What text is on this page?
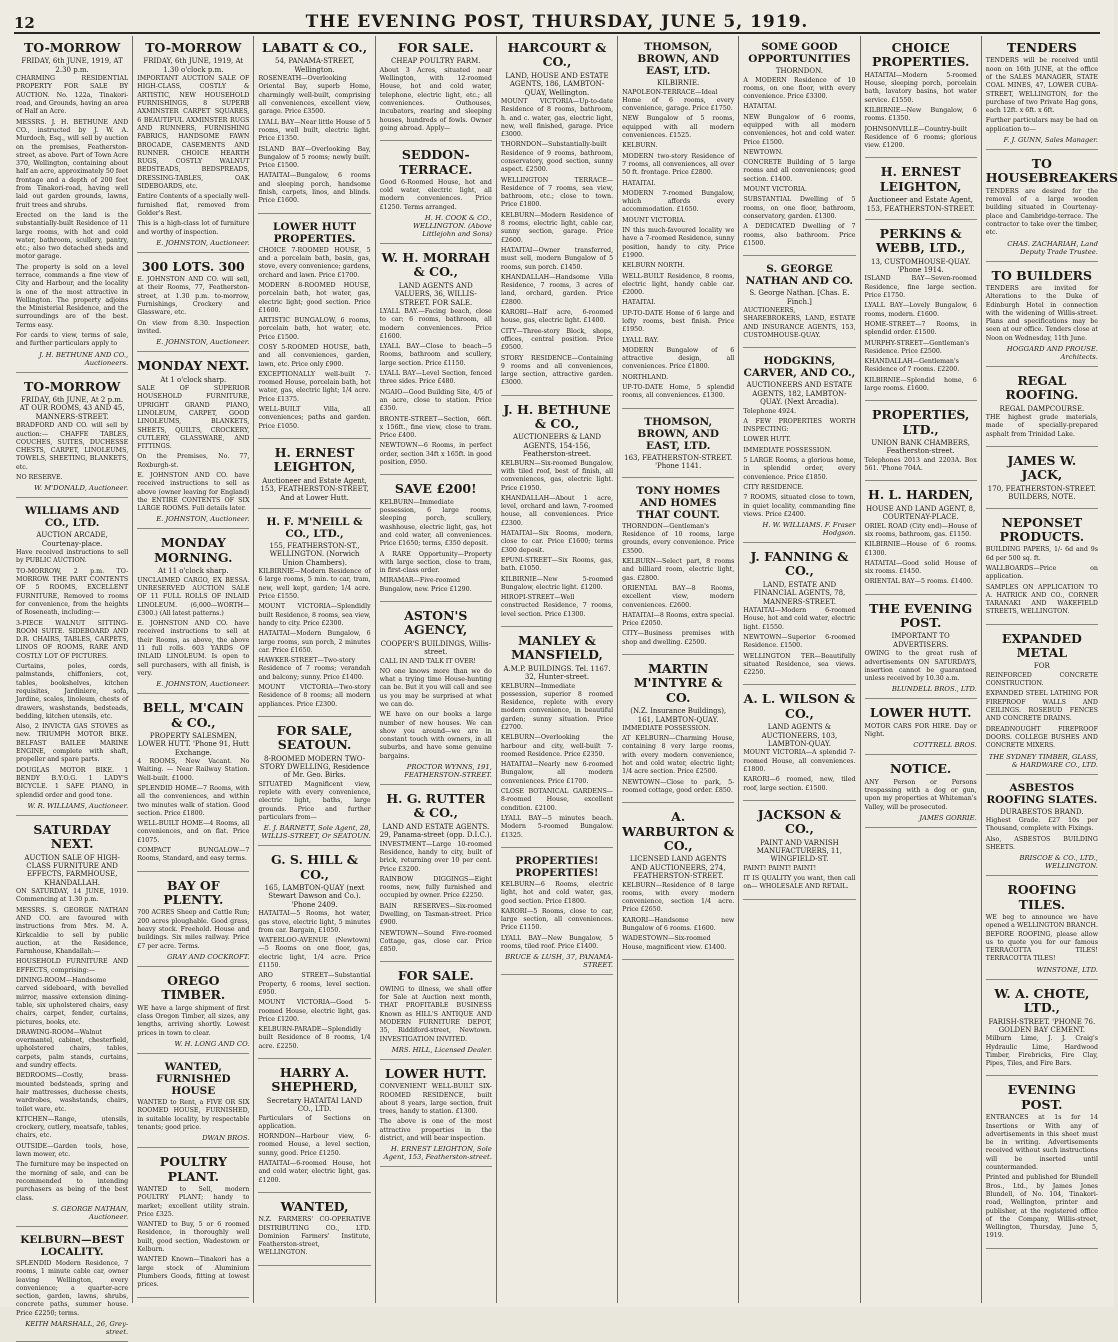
12	THE EVENING POST, THURSDAY, JUNE 5, 1919.
TO-MORROW
FRIDAY, 6th JUNE, 1919, AT 2.30 p.m.

CHARMING RESIDENTIAL PROPERTY FOR SALE BY AUCTION. No. 122a, Tinakori-road, and Grounds, having an area of Half an Acre.

MESSRS. J. H. BETHUNE AND CO., instructed by J. W. A. Murdoch, Esq., will sell by auction on the premises, Featherston-street, as above. Part of Town Acre 370, Wellington, containing about half an acre, approximately 50 feet frontage and a depth of 200 feet from Tinakori-road, having well laid out garden grounds, lawns, fruit trees and shrubs.

Erected on the land is the substantially-built Residence of 11 large rooms, with hot and cold water, bathroom, scullery, pantry, etc.; also two detached sheds and motor garage.

The property is sold on a level terrace, commands a fine view of City and Harbour, and the locality is one of the most attractive in Wellington. The property adjoins the Ministerial Residence, and the surroundings are of the best. Terms easy.

For cards to view, terms of sale, and further particulars apply to

J. H. BETHUNE AND CO., Auctioneers.
TO-MORROW
FRIDAY, 6th JUNE, At 2 p.m. AT OUR ROOMS, 43 AND 45, MANNERS-STREET.

BRADFORD AND CO. will sell by auction:— CHAFFE TABLES, COUCHES, SUITES, DUCHESSE CHESTS, CARPET, LINOLEUMS, TOWELS, SHEETING, BLANKETS, etc.

NO RESERVE.

W. M'DONALD, Auctioneer.
WILLIAMS AND CO., LTD.
AUCTION ARCADE, Courtenay-place.

Have received instructions to sell by PUBLIC AUCTION.

TO-MORROW, 2 p.m. TO-MORROW. THE PART CONTENTS OF 5 ROOMS, EXCELLENT FURNITURE, Removed to rooms for convenience, from the heights of Roseneath, including:—

3-PIECE WALNUT SITTING-ROOM SUITE. SIDEBOARD AND D.R. CHAIRS, TABLES, CARPETS, LINOS OF ROOMS, RARE AND COSTLY LOT OF PICTURES.

Curtains, poles, cords, palmstands, chiffoniers, cot, tables, bookshelves, kitchen requisites, Jardiniere, sofa, Jardine, scales, linoleum, chests of drawers, washstands, bedsteads, bedding, kitchen utensils, etc.

Also, 2 INVICTA GAS STOVES as new. TRIUMPH MOTOR BIKE. BELFAST BAILEE MARINE ENGINE, complete with shaft, propeller and spare parts.

DOUGLAS MOTOR BIKE. 1 BENDY B.Y.O.G. 1 LADY'S BICYCLE. 1 SAFE PIANO, in splendid order and good tone.

W. R. WILLIAMS, Auctioneer.
SATURDAY NEXT.
AUCTION SALE OF HIGH-CLASS FURNITURE AND EFFECTS, FARMHOUSE, KHANDALLAH.

ON SATURDAY, 14 JUNE, 1919. Commencing at 1.30 p.m.

MESSRS. S. GEORGE NATHAN AND CO. are favoured with instructions from Mrs. M. A. Kirkcaldie to sell by public auction, at the Residence, Farmhouse, Khandallah:—

HOUSEHOLD FURNITURE AND EFFECTS, comprising:—

DINING-ROOM—Handsome carved sideboard, with bevelled mirror, massive extension dining-table, six upholstered chairs, easy chairs, carpet, fender, curtains, pictures, books, etc.

DRAWING-ROOM—Walnut overmantel, cabinet, chesterfield, upholstered chairs, tables, carpets, palm stands, curtains, and sundry effects.

BEDROOMS—Costly, brass-mounted bedsteads, spring and hair mattresses, duchesse chests, wardrobes, washstands, chairs, toilet ware, etc.

KITCHEN—Range, utensils, crockery, cutlery, meatsafe, tables, chairs, etc.

OUTSIDE—Garden tools, hose, lawn mower, etc.

The furniture may be inspected on the morning of sale, and can be recommended to intending purchasers as being of the best class.

S. GEORGE NATHAN, Auctioneer.
KELBURN—BEST LOCALITY.

SPLENDID Modern Residence, 7 rooms, 1 minute cable car, owner leaving Wellington, every convenience; a quarter-acre section, garden, lawns, shrubs, concrete paths, summer house. Price £2250; terms.

KEITH MARSHALL, 26, Grey-street.
TO-MORROW
FRIDAY, 6th JUNE, 1919, At 1.30 o'clock p.m.

IMPORTANT AUCTION SALE OF HIGH-CLASS, COSTLY & ARTISTIC, NEW HOUSEHOLD FURNISHINGS, 8 SUPERB AXMINSTER CARPET SQUARES, 6 BEAUTIFUL AXMINSTER RUGS AND RUNNERS, FURNISHING FABRICS, HANDSOME FAWN BROCADE, CASEMENTS AND RUNNER. CHOICE HEARTH RUGS, COSTLY WALNUT BEDSTEADS, BEDSPREADS, DRESSING-TABLES, OAK SIDEBOARDS, etc.

Entire Contents of a specially well-furnished flat, removed from Golder's Rest.

This is a high-class lot of furniture and worthy of inspection.

E. JOHNSTON, Auctioneer.
300 LOTS. 300

E. JOHNSTON AND CO. will sell, at their Rooms, 77, Featherston-street, at 1.30 p.m. to-morrow, Furnishings, Crockery and Glassware, etc.

On view from 8.30. Inspection invited.

E. JOHNSTON, Auctioneer.
MONDAY NEXT.
At 1 o'clock sharp.

SALE OF SUPERIOR HOUSEHOLD FURNITURE, UPRIGHT GRAND PIANO, LINOLEUM, CARPET, GOOD LINOLEUMS, BLANKETS, SHEETS, QUILTS, CROCKERY, CUTLERY, GLASSWARE, AND FITTINGS.

On the Premises, No. 77, Roxburgh-st.

E. JOHNSTON AND CO. have received instructions to sell as above (owner leaving for England) the ENTIRE CONTENTS OF SIX LARGE ROOMS. Full details later.

E. JOHNSTON, Auctioneer.
MONDAY MORNING.
At 11 o'clock sharp.

UNCLAIMED CARGO, EX BESSA. UNRESERVED AUCTION SALE OF 11 FULL ROLLS OF INLAID LINOLEUM. (6,000—WORTH—£300.) (All latest patterns.)

E. JOHNSTON AND CO. have received instructions to sell at their Rooms, as above, the above 11 full rolls. 603 YARDS OF INLAID LINOLEUM. Is open to sell purchasers, with all finish, is very.

E. JOHNSTON, Auctioneer.
BELL, M'CAIN & CO.,
PROPERTY SALESMEN, LOWER HUTT. 'Phone 91, Hutt Exchange.

4 ROOMS, New Vacant. No Waiting. — Near Railway Station. Well-built. £1000.

SPLENDID HOME—7 Rooms, with all the conveniences, and within two minutes walk of station. Good section. Price £1800.

WELL-BUILT HOME—4 Rooms, all conveniences, and on flat. Price £1075.

COMPACT BUNGALOW—7 Rooms, Standard, and easy terms.

BAY OF PLENTY.

700 ACRES Sheep and Cattle Run; 200 acres ploughable. Good grass, heavy stock. Freehold. House and buildings. Six miles railway. Price £7 per acre. Terms.

GRAY AND COCKROFT.
OREGO TIMBER.

WE have a large shipment of first class Oregon Timber, all sizes, any lengths, arriving shortly. Lowest prices in town to clear.

W. H. LONG AND CO.
WANTED, FURNISHED HOUSE

WANTED to Rent, a FIVE OR SIX ROOMED HOUSE, FURNISHED, in suitable locality, by respectable tenants; good price.

DWAN BROS.
POULTRY PLANT.

WANTED to Sell, modern POULTRY PLANT; handy to market; excellent utility strain. Price £325.

WANTED to Buy, 5 or 6 roomed Residence, in thoroughly well built, good section, Wadestown or Kelburn.

WANTED Known—Tinakori has a large stock of Aluminium Plumbers Goods, fitting at lowest prices.

LABATT & CO.,
54, PANAMA-STREET, Wellington.

ROSENEATH—Overlooking Oriental Bay, superb Home, charmingly well-built, comprising all conveniences, excellent view, garage. Price £3500.

LYALL BAY—Near little House of 5 rooms, well built, electric light. Price £1350.

ISLAND BAY—Overlooking Bay, Bungalow of 5 rooms; newly built. Price £1500.

HATAITAI—Bungalow, 6 rooms and sleeping porch, handsome finish, carpets, linos, and blinds. Price £1600.

LOWER HUTT PROPERTIES.

CHOICE 7-ROOMED HOUSE, 5 and a porcelain bath, basin, gas, stove, every convenience; gardens, orchard and lawn. Price £1700.

MODERN 8-ROOMED HOUSE, porcelain bath, hot water, gas, electric light; good section. Price £1600.

ARTISTIC BUNGALOW, 6 rooms, porcelain bath, hot water, etc. Price £1500.

COSY 5-ROOMED HOUSE, bath, and all conveniences, garden, lawn, etc. Price only £900.

EXCEPTIONALLY well-built 7-roomed House, porcelain bath, hot water, gas, electric light; 1/4 acre. Price £1375.

WELL-BUILT Villa, all conveniences; paths and garden. Price £1050.

H. ERNEST LEIGHTON,
Auctioneer and Estate Agent, 153, FEATHERSTON-STREET, And at Lower Hutt.
H. F. M'NEILL & CO., LTD.,
155, FEATHERSTON-ST., WELLINGTON. (Norwich Union Chambers).

KILBIRNIE—Modern Residence of 6 large rooms, 5 min. to car, tram, new, well kept, garden; 1/4 acre. Price £1550.

MOUNT VICTORIA—Splendidly built Residence, 8 rooms, sea view, handy to city. Price £2300.

HATAITAI—Modern Bungalow, 6 large rooms, sun porch, 2 minutes car. Price £1650.

HAWKER-STREET—Two-story Residence of 7 rooms; verandah and balcony; sunny. Price £1400.

MOUNT VICTORIA—Two-story Residence of 8 rooms; all modern appliances. Price £2300.

FOR SALE, SEATOUN.
8-ROOMED MODERN TWO-STORY DWELLING, Residence of Mr. Geo. Birks.

SITUATED Magnificent view, replete with every convenience, electric light, baths, large grounds. Price and further particulars from—

E. J. BARNETT, Sole Agent, 28, WILLIS-STREET, Or SEATOUN.
G. S. HILL & CO.,
165, LAMBTON-QUAY (next Stewart Dawson and Co.). 'Phone 2409.

HATAITAI—5 Rooms, hot water, gas stove, electric light, 5 minutes from car. Bargain, £1050.

WATERLOO-AVENUE (Newtown)—5 Rooms on one floor, gas, electric light, 1/4 acre. Price £1150.

ARO STREET—Substantial Property, 6 rooms, level section. £950.

MOUNT VICTORIA—Good 5-roomed House, electric light, gas. Price £1200.

KELBURN-PARADE—Splendidly built Residence of 8 rooms, 1/4 acre. £2250.

HARRY A. SHEPHERD,
Secretary HATAITAI LAND CO., LTD.

Particulars of Sections on application.

HORNDON—Harbour view, 6-roomed House, a level section, sunny, good. Price £1250.

HATAITAI—6-roomed House, hot and cold water, electric light, gas. £1200.

WANTED,

N.Z. FARMERS' CO-OPERATIVE DISTRIBUTING CO., LTD. Dominion Farmers' Institute, Featherston-street, WELLINGTON.

FOR SALE.
CHEAP POULTRY FARM.

About 3 Acres, situated near Wellington, with 12-roomed House, hot and cold water, telephone, electric light, etc.; all conveniences. Outhouses, incubators, rearing and sleeping houses, hundreds of fowls. Owner going abroad. Apply—

SEDDON-TERRACE.

Good 6-Roomed House, hot and cold water, electric light, all modern conveniences. Price £1250. Terms arranged.

H. H. COOK & CO., WELLINGTON. (Above Littlejohn and Sons)
W. H. MORRAH & CO.,
LAND AGENTS AND VALUERS, 36, WILLIS-STREET. FOR SALE.

LYALL BAY.—Facing beach, close to car; 6 rooms, bathroom, all modern conveniences. Price £1600.

LYALL BAY—Close to beach—5 Rooms, bathroom and scullery, large section. Price £1150.

LYALL BAY—Level Section, fenced three sides. Price £480.

NGAIO—Good Building Site, 4/5 of an acre, close to station. Price £350.

BRONTE-STREET—Section, 66ft. x 156ft., fine view, close to tram. Price £400.

NEWTOWN—6 Rooms, in perfect order, section 34ft x 165ft. in good position, £950.

SAVE £200!

KELBURN—Immediate possession, 6 large rooms, sleeping porch, scullery, washhouse, electric light, gas, hot and cold water, all conveniences. Price £1650; terms, £350 deposit.

A RARE Opportunity—Property with large section, close to tram, in first-class order.

MIRAMAR—Five-roomed Bungalow, new. Price £1290.

ASTON'S AGENCY,
COOPER'S BUILDINGS, Willis-street.

CALL IN AND TALK IT OVER!

NO one knows more than we do what a trying time House-hunting can be. But it you will call and see us you may be surprised at what we can do.

WE have on our books a large number of new houses. We can show you around—we are in constant touch with owners, in all suburbs, and have some genuine bargains.

PROCTOR WYNNS, 191, FEATHERSTON-STREET.
H. G. RUTTER & CO.,
LAND AND ESTATE AGENTS. 29, Panama-street (opp. D.I.C.).

INVESTMENT—Large 10-roomed Residence, handy to city, built of brick, returning over 10 per cent. Price £3200.

RAINBOW DIGGINGS—Eight rooms, new, fully furnished and occupied by owner. Price £2250.

BAIN RESERVES—Six-roomed Dwelling, on Tasman-street. Price £900.

NEWTOWN—Sound Five-roomed Cottage, gas, close car. Price £850.

FOR SALE.

OWING to illness, we shall offer for Sale at Auction next month, THAT PROFITABLE BUSINESS Known as HILL'S ANTIQUE AND MODERN FURNITURE DEPOT, 35, Riddiford-street, Newtown. INVESTIGATION INVITED.

MRS. HILL, Licensed Dealer.
LOWER HUTT.

CONVENIENT WELL-BUILT SIX-ROOMED RESIDENCE, built about 8 years, large section, fruit trees, handy to station. £1300.

The above is one of the most attractive properties in the district, and will bear inspection.

H. ERNEST LEIGHTON, Sole Agent, 153, Featherston-street.
HARCOURT & CO.,
LAND, HOUSE AND ESTATE AGENTS, 186, LAMBTON-QUAY, Wellington.

MOUNT VICTORIA—Up-to-date Residence of 8 rooms, bathroom, h. and c. water, gas, electric light, new, well finished, garage. Price £3000.

THORNDON—Substantially-built Residence of 9 rooms, bathroom, conservatory, good section, sunny aspect. £2500.

WELLINGTON TERRACE—Residence of 7 rooms, sea view, bathroom, etc.; close to town. Price £1800.

KELBURN—Modern Residence of 8 rooms, electric light, cable car, sunny section, garage. Price £2600.

HATAITAI—Owner transferred, must sell, modern Bungalow of 5 rooms, sun porch. £1450.

KHANDALLAH—Handsome Villa Residence, 7 rooms, 3 acres of land, orchard, garden. Price £2800.

KARORI—Half acre, 6-roomed house, gas, electric light. £1400.

CITY—Three-story Block, shops, offices, central position. Price £9500.

STORY RESIDENCE—Containing 9 rooms and all conveniences, large section, attractive garden. £3000.

J. H. BETHUNE & CO.,
AUCTIONEERS & LAND AGENTS, 154-156, Featherston-street.

KELBURN—Six-roomed Bungalow, with tiled roof, best of finish, all conveniences, gas, electric light. Price £1950.

KHANDALLAH—About 1 acre, level, orchard and lawn, 7-roomed house, all conveniences. Price £2300.

HATAITAI—Six Rooms, modern, close to car. Price £1600; terms £300 deposit.

EPUNI-STREET—Six Rooms, gas, bath. £1050.

KILBIRNIE—New 5-roomed Bungalow, electric light. £1200.

HIROPI-STREET—Well constructed Residence, 7 rooms, level section. Price £1300.

MANLEY & MANSFIELD,
A.M.P. BUILDINGS. Tel. 1167. 32, Hunter-street.

KELBURN—Immediate possession, superior 8 roomed Residence, replete with every modern convenience, in beautiful garden; sunny situation. Price £2700.

KELBURN—Overlooking the harbour and city, well-built 7-roomed Residence. Price £2350.

HATAITAI—Nearly new 6-roomed Bungalow, all modern conveniences. Price £1700.

CLOSE BOTANICAL GARDENS—8-roomed House, excellent condition. £2100.

LYALL BAY—5 minutes beach. Modern 5-roomed Bungalow. £1325.

PROPERTIES! PROPERTIES!

KELBURN—6 Rooms, electric light, hot and cold water, gas, good section. Price £1800.

KARORI—5 Rooms, close to car, large section, all conveniences. Price £1150.

LYALL BAY—New Bungalow, 5 rooms, tiled roof. Price £1400.

BRUCE & LUSH, 37, PANAMA-STREET.
THOMSON, BROWN, AND EAST, LTD.
KILBIRNIE.

NAPOLEON-TERRACE—Ideal Home of 6 rooms, every convenience, garage. Price £1750.

NEW Bungalow of 5 rooms, equipped with all modern conveniences. £1525.

KELBURN.

MODERN two-story Residence of 7 rooms, all conveniences, all over 50 ft. frontage. Price £2800.

HATAITAI.

MODERN 7-roomed Bungalow, which affords every accommodation. £1650.

MOUNT VICTORIA.

IN this much-favoured locality we have a 7-roomed Residence, sunny position, handy to city. Price £1900.

KELBURN NORTH.

WELL-BUILT Residence, 8 rooms, electric light, handy cable car. £2000.

HATAITAI.

UP-TO-DATE Home of 6 large and lofty rooms, best finish. Price £1950.

LYALL BAY.

MODERN Bungalow of 6 attractive design, all conveniences. Price £1800.

NORTHLAND.

UP-TO-DATE Home, 5 splendid rooms, all conveniences. £1300.

THOMSON, BROWN, AND EAST, LTD.
163, FEATHERSTON-STREET. 'Phone 1141.
TONY HOMES AND HOMES THAT COUNT.

THORNDON—Gentleman's Residence of 10 rooms, large grounds, every convenience. Price £3500.

KELBURN—Select part, 8 rooms and billiard room, electric light, gas. £2800.

ORIENTAL BAY—8 Rooms, excellent view, modern conveniences. £2600.

HATAITAI—8 Rooms, extra special. Price £2050.

CITY—Business premises with shop and dwelling. £2500.

MARTIN M'INTYRE & CO.
(N.Z. Insurance Buildings), 161, LAMBTON-QUAY.

IMMEDIATE POSSESSION.

AT KELBURN—Charming House, containing 8 very large rooms, with every modern convenience, hot and cold water, electric light; 1/4 acre section. Price £2500.

NEWTOWN—Close to park, 5-roomed cottage, good order. £850.

A. WARBURTON & CO.,
LICENSED LAND AGENTS AND AUCTIONEERS, 274, FEATHERSTON-STREET.

KELBURN—Residence of 8 large rooms, with every modern convenience, section 1/4 acre. Price £2650.

KARORI—Handsome new Bungalow of 6 rooms. £1600.

WADESTOWN—Six-roomed House, magnificent view. £1400.

SOME GOOD OPPORTUNITIES
THORNDON.

A MODERN Residence of 10 rooms, on one floor, with every convenience. Price £3300.

HATAITAI.

NEW Bungalow of 6 rooms, equipped with all modern conveniences, hot and cold water. Price £1500.

NEWTOWN.

CONCRETE Building of 5 large rooms and all conveniences; good section. £1400.

MOUNT VICTORIA.

SUBSTANTIAL Dwelling of 5 rooms, on one floor, bathroom, conservatory, garden. £1300.

A DEDICATED Dwelling of 7 rooms, also bathroom. Price £1500.

S. GEORGE NATHAN AND CO.
S. George Nathan. [Chas. E. Finch.]

AUCTIONEERS, SHAREBROKERS, LAND, ESTATE AND INSURANCE AGENTS, 153, CUSTOMHOUSE-QUAY.

HODGKINS, CARVER, AND CO.,
AUCTIONEERS AND ESTATE AGENTS, 182, LAMBTON-QUAY. (Next Arcadia).

Telephone 4924.

A FEW PROPERTIES WORTH INSPECTING:

LOWER HUTT.

IMMEDIATE POSSESSION.

5 LARGE Rooms, a glorious home, in splendid order, every convenience. Price £1850.

CITY RESIDENCE.

7 ROOMS, situated close to town, in quiet locality, commanding fine views. Price £2400.

H. W. WILLIAMS. F. Fraser Hodgson.
J. FANNING & CO.,
LAND, ESTATE AND FINANCIAL AGENTS, 78, MANNERS-STREET.

HATAITAI—Modern 6-roomed House, hot and cold water, electric light. £1550.

NEWTOWN—Superior 6-roomed Residence. £1500.

WELLINGTON TER—Beautifully situated Residence, sea views. £2250.

A. L. WILSON & CO.,
LAND AGENTS & AUCTIONEERS, 103, LAMBTON-QUAY.

MOUNT VICTORIA—A splendid 7-roomed House, all conveniences. £1800.

KARORI—6 roomed, new, tiled roof, large section. £1500.

JACKSON & CO.,
PAINT AND VARNISH MANUFACTURERS, 11, WINGFIELD-ST.

PAINT! PAINT! PAINT!

IT IS QUALITY you want, then call on— WHOLESALE AND RETAIL.

CHOICE PROPERTIES.

HATAITAI—Modern 5-roomed House, sleeping porch, porcelain bath, lavatory basins, hot water service. £1550.

KILBIRNIE—New Bungalow, 6 rooms. £1350.

JOHNSONVILLE—Country-built Residence of 6 rooms; glorious view. £1200.

H. ERNEST LEIGHTON,
Auctioneer and Estate Agent, 153, FEATHERSTON-STREET.
PERKINS & WEBB, LTD.,
13, CUSTOMHOUSE-QUAY. 'Phone 1914.

ISLAND BAY—Seven-roomed Residence, fine large section. Price £1750.

LYALL BAY—Lovely Bungalow, 6 rooms, modern. £1600.

HOME-STREET—7 Rooms, in splendid order. £1500.

MURPHY-STREET—Gentleman's Residence. Price £2500.

KHANDALLAH—Gentleman's Residence of 7 rooms. £2200.

KILBIRNIE—Splendid home, 6 large rooms. £1600.

PROPERTIES, LTD.,
UNION BANK CHAMBERS, Featherston-street.

Telephones 2013 and 2203A. Box 561. 'Phone 704A.

H. L. HARDEN,
HOUSE AND LAND AGENT, 8, COURTENAY-PLACE.

ORIEL ROAD (City end)—House of six rooms, bathroom, gas. £1150.

KILBIRNIE—House of 6 rooms. £1300.

HATAITAI—Good solid House of six rooms. £1450.

ORIENTAL BAY—5 rooms. £1400.

THE EVENING POST.
IMPORTANT TO ADVERTISERS.

OWING to the great rush of advertisements ON SATURDAYS, insertion cannot be guaranteed unless received by 10.30 a.m.

BLUNDELL BROS., LTD.
LOWER HUTT.

MOTOR CARS FOR HIRE. Day or Night.

COTTRELL BROS.
NOTICE.

ANY Person or Persons trespassing with a dog or gun, upon my properties at Whiteman's Valley, will be prosecuted.

JAMES GORRIE.
TENDERS

TENDERS will be received until noon on 16th JUNE, at the office of the SALES MANAGER, STATE COAL MINES, 47, LOWER CUBA-STREET, WELLINGTON, for the purchase of two Private Hag gons, each 12ft. x 6ft. x 6ft.

Further particulars may be had on application to—

F. J. GUNN, Sales Manager.
TO HOUSEBREAKERS

TENDERS are desired for the removal of a large wooden building situated in Courtenay-place and Cambridge-terrace. The contractor to take over the timber, etc.

CHAS. ZACHARIAH, Land Deputy Trade Trustee.
TO BUILDERS

TENDERS are invited for Alterations to the Duke of Edinburgh Hotel in connection with the widening of Willis-street. Plans and specifications may be seen at our office. Tenders close at Noon on Wednesday, 11th June.

HOGGARD AND PROUSE. Architects.
REGAL ROOFING.
REGAL DAMPCOURSE.

THE highest grade materials, made of specially-prepared asphalt from Trinidad Lake.

JAMES W. JACK,
170, FEATHERSTON-STREET. BUILDERS, NOTE.
NEPONSET PRODUCTS.

BUILDING PAPERS, 1/- 6d and 9s 6d per 500 sq. ft.

WALLBOARDS—Price on application.

SAMPLES ON APPLICATION TO A. HATRICK AND CO., CORNER TARANAKI AND WAKEFIELD STREETS, WELLINGTON.

EXPANDED METAL
FOR

REINFORCED CONCRETE CONSTRUCTION.

EXPANDED STEEL LATHING FOR FIREPROOF WALLS AND CEILINGS. ROSEBUD FENCES AND CONCRETE DRAINS.

DREADNOUGHT FIREPROOF DOORS. COLLEGE BUSHES AND CONCRETE MIXERS.

THE SYDNEY TIMBER, GLASS, & HARDWARE CO., LTD.
ASBESTOS ROOFING SLATES.
DURABESTOS BRAND.

Highest Grade. £27 10s per Thousand, complete with Fixings.

Also, ASBESTOS BUILDING SHEETS.

BRISCOE & CO., LTD., WELLINGTON.
ROOFING TILES.

WE beg to announce we have opened a WELLINGTON BRANCH. BEFORE ROOFING, please allow us to quote you for our famous TERRACOTTA TILES! TERRACOTTA TILES!

WINSTONE, LTD.
W. A. CHOTE, LTD.,
FARISH-STREET. 'PHONE 76. GOLDEN BAY CEMENT.

Milburn Lime, J. J. Craig's Hydraulic Lime, Hardwood Timber, Firebricks, Fire Clay, Pipes, Tiles, and Fire Bars.

EVENING POST.

ENTRANCES at 1s for 14 Insertions or With any of advertisements in this sheet must be in writing. Advertisements received without such instructions will be inserted until countermanded.

Printed and published for Blundell Bros., Ltd., by James Jones Blundell, of No. 104, Tinakori-road, Wellington, printer and publisher, at the registered office of the Company, Willis-street, Wellington, Thursday, June 5, 1919.
